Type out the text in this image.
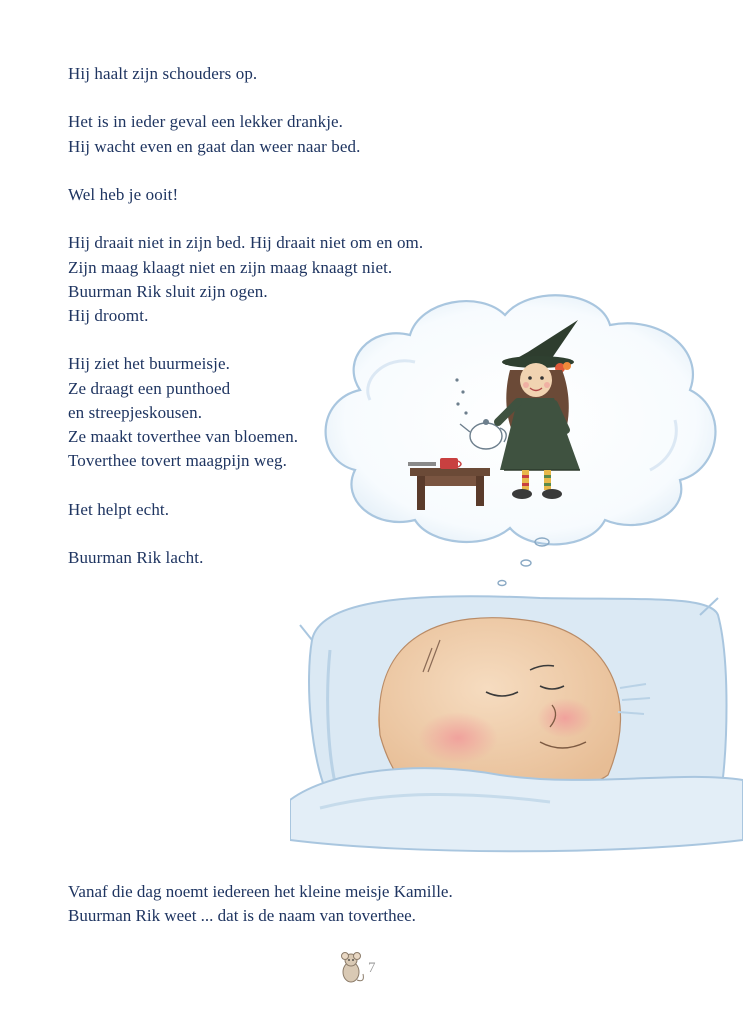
Hij haalt zijn schouders op.

Het is in ieder geval een lekker drankje.

Hij wacht even en gaat dan weer naar bed.

Wel heb je ooit!

Hij draait niet in zijn bed. Hij draait niet om en om.

Zijn maag klaagt niet en zijn maag knaagt niet.

Buurman Rik sluit zijn ogen.

Hij droomt.

Hij ziet het buurmeisje.

Ze draagt een punthoed

en streepjeskousen.

Ze maakt toverthee van bloemen.

Toverthee tovert maagpijn weg.

Het helpt echt.

Buurman Rik lacht.

Vanaf die dag noemt iedereen het kleine meisje Kamille.

Buurman Rik weet ... dat is de naam van toverthee.

7
